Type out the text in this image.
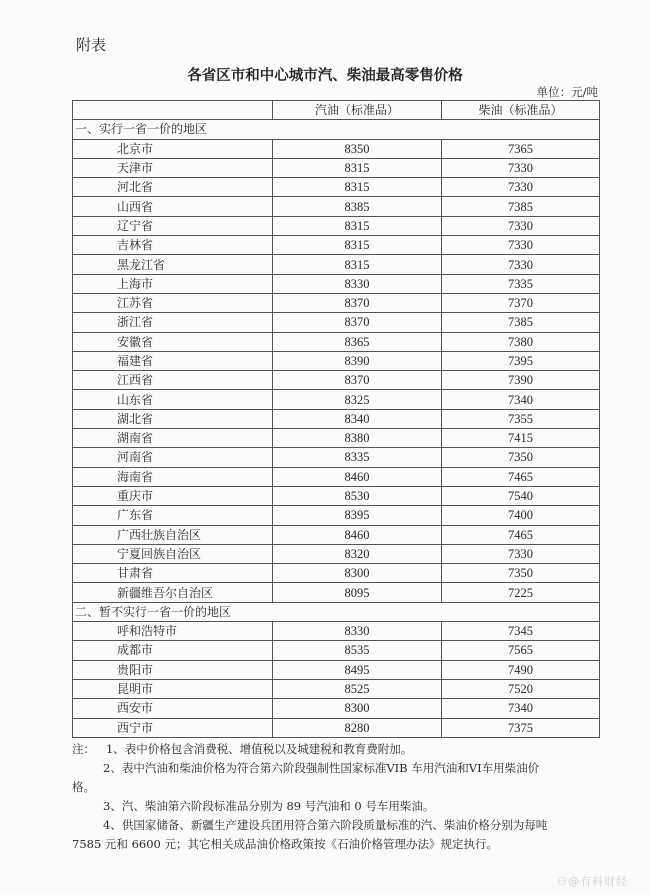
附表
各省区市和中心城市汽、柴油最高零售价格
单位：元/吨
	汽油（标准品）	柴油（标准品）
一、实行一省一价的地区		
北京市	8350	7365
天津市	8315	7330
河北省	8315	7330
山西省	8385	7385
辽宁省	8315	7330
吉林省	8315	7330
黑龙江省	8315	7330
上海市	8330	7335
江苏省	8370	7370
浙江省	8370	7385
安徽省	8365	7380
福建省	8390	7395
江西省	8370	7390
山东省	8325	7340
湖北省	8340	7355
湖南省	8380	7415
河南省	8335	7350
海南省	8460	7465
重庆市	8530	7540
广东省	8395	7400
广西壮族自治区	8460	7465
宁夏回族自治区	8320	7330
甘肃省	8300	7350
新疆维吾尔自治区	8095	7225
二、暂不实行一省一价的地区		
呼和浩特市	8330	7345
成都市	8535	7565
贵阳市	8495	7490
昆明市	8525	7520
西安市	8300	7340
西宁市	8280	7375
注： 1、表中价格包含消费税、增值税以及城建税和教育费附加。
2、表中汽油和柴油价格为符合第六阶段强制性国家标准VIB 车用汽油和VI车用柴油价
格。
3、汽、柴油第六阶段标准品分别为 89 号汽油和 0 号车用柴油。
4、供国家储备、新疆生产建设兵团用符合第六阶段质量标准的汽、柴油价格分别为每吨
7585 元和 6600 元；其它相关成品油价格政策按《石油价格管理办法》规定执行。
⚇@有料财经
